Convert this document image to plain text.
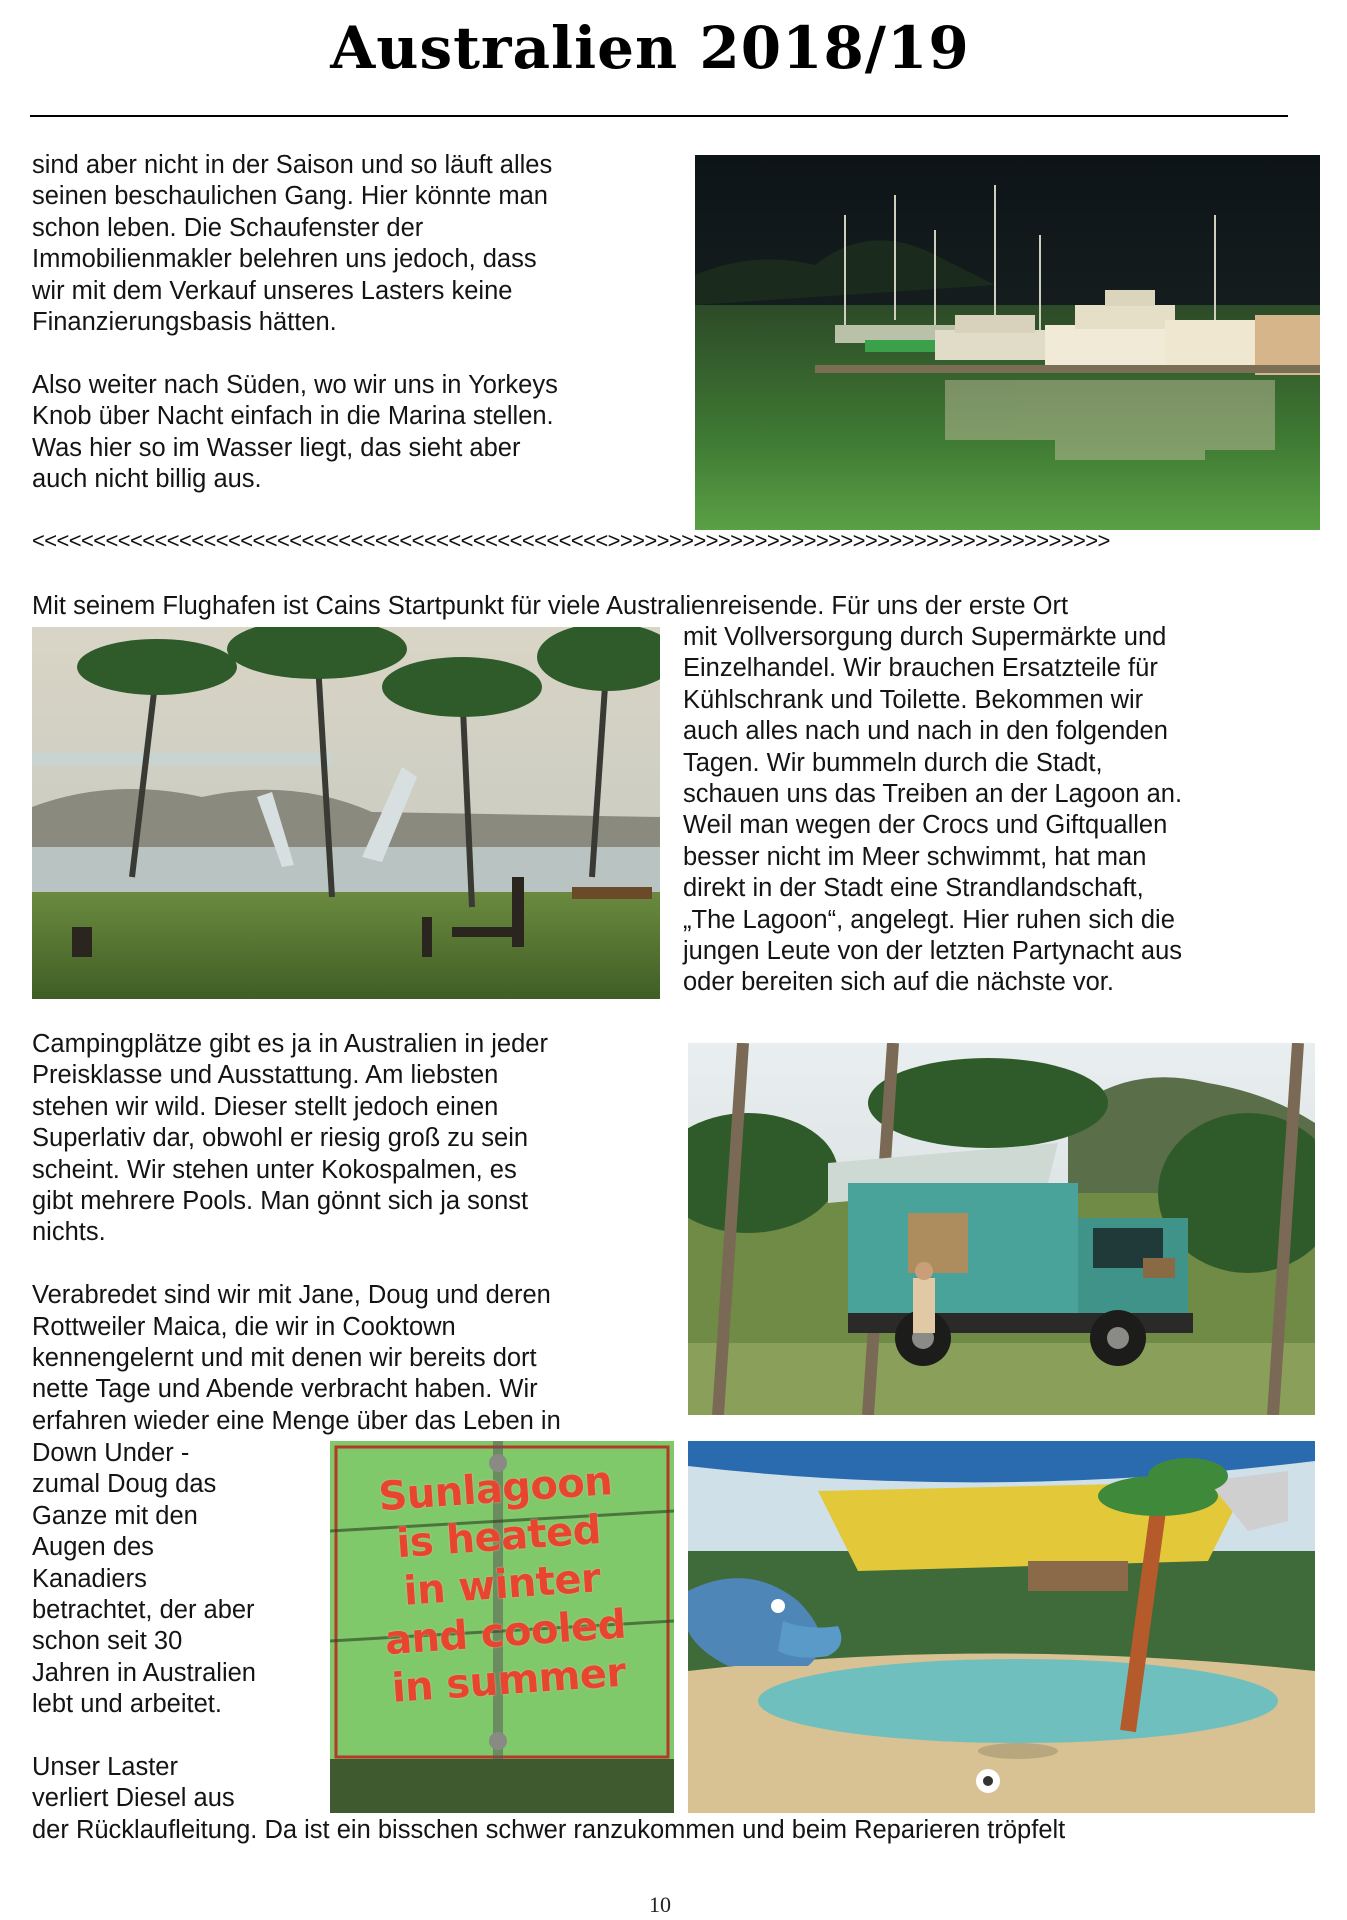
Australien 2018/19

sind aber nicht in der Saison und so läuft alles

seinen beschaulichen Gang. Hier könnte man

schon leben. Die Schaufenster der

Immobilienmakler belehren uns jedoch, dass

wir mit dem Verkauf unseres Lasters keine

Finanzierungsbasis hätten.

Also weiter nach Süden, wo wir uns in Yorkeys

Knob über Nacht einfach in die Marina stellen.

Was hier so im Wasser liegt, das sieht aber

auch nicht billig aus.

<<<<<<<<<<<<<<<<<<<<<<<<<<<<<<<<<<<<<<<<<<<<<<<>>>>>>>>>>>>>>>>>>>>>>>>>>>>>>>>>>>>>>>>>
Mit seinem Flughafen ist Cains Startpunkt für viele Australienreisende. Für uns der erste Ort

mit Vollversorgung durch Supermärkte und

Einzelhandel. Wir brauchen Ersatzteile für

Kühlschrank und Toilette. Bekommen wir

auch alles nach und nach in den folgenden

Tagen. Wir bummeln durch die Stadt,

schauen uns das Treiben an der Lagoon an.

Weil man wegen der Crocs und Giftquallen

besser nicht im Meer schwimmt, hat man

direkt in der Stadt eine Strandlandschaft,

„The Lagoon“, angelegt. Hier ruhen sich die

jungen Leute von der letzten Partynacht aus

oder bereiten sich auf die nächste vor.

Campingplätze gibt es ja in Australien in jeder

Preisklasse und Ausstattung. Am liebsten

stehen wir wild. Dieser stellt jedoch einen

Superlativ dar, obwohl er riesig groß zu sein

scheint. Wir stehen unter Kokospalmen, es

gibt mehrere Pools. Man gönnt sich ja sonst

nichts.

Verabredet sind wir mit Jane, Doug und deren

Rottweiler Maica, die wir in Cooktown

kennengelernt und mit denen wir bereits dort

nette Tage und Abende verbracht haben. Wir

erfahren wieder eine Menge über das Leben in

Down Under -

zumal Doug das

Ganze mit den

Augen des

Kanadiers

betrachtet, der aber

schon seit 30

Jahren in Australien

lebt und arbeitet.

Unser Laster

verliert Diesel aus

Sunlagoon
is heated
in winter
and cooled
in summer
der Rücklaufleitung. Da ist ein bisschen schwer ranzukommen und beim Reparieren tröpfelt
10
